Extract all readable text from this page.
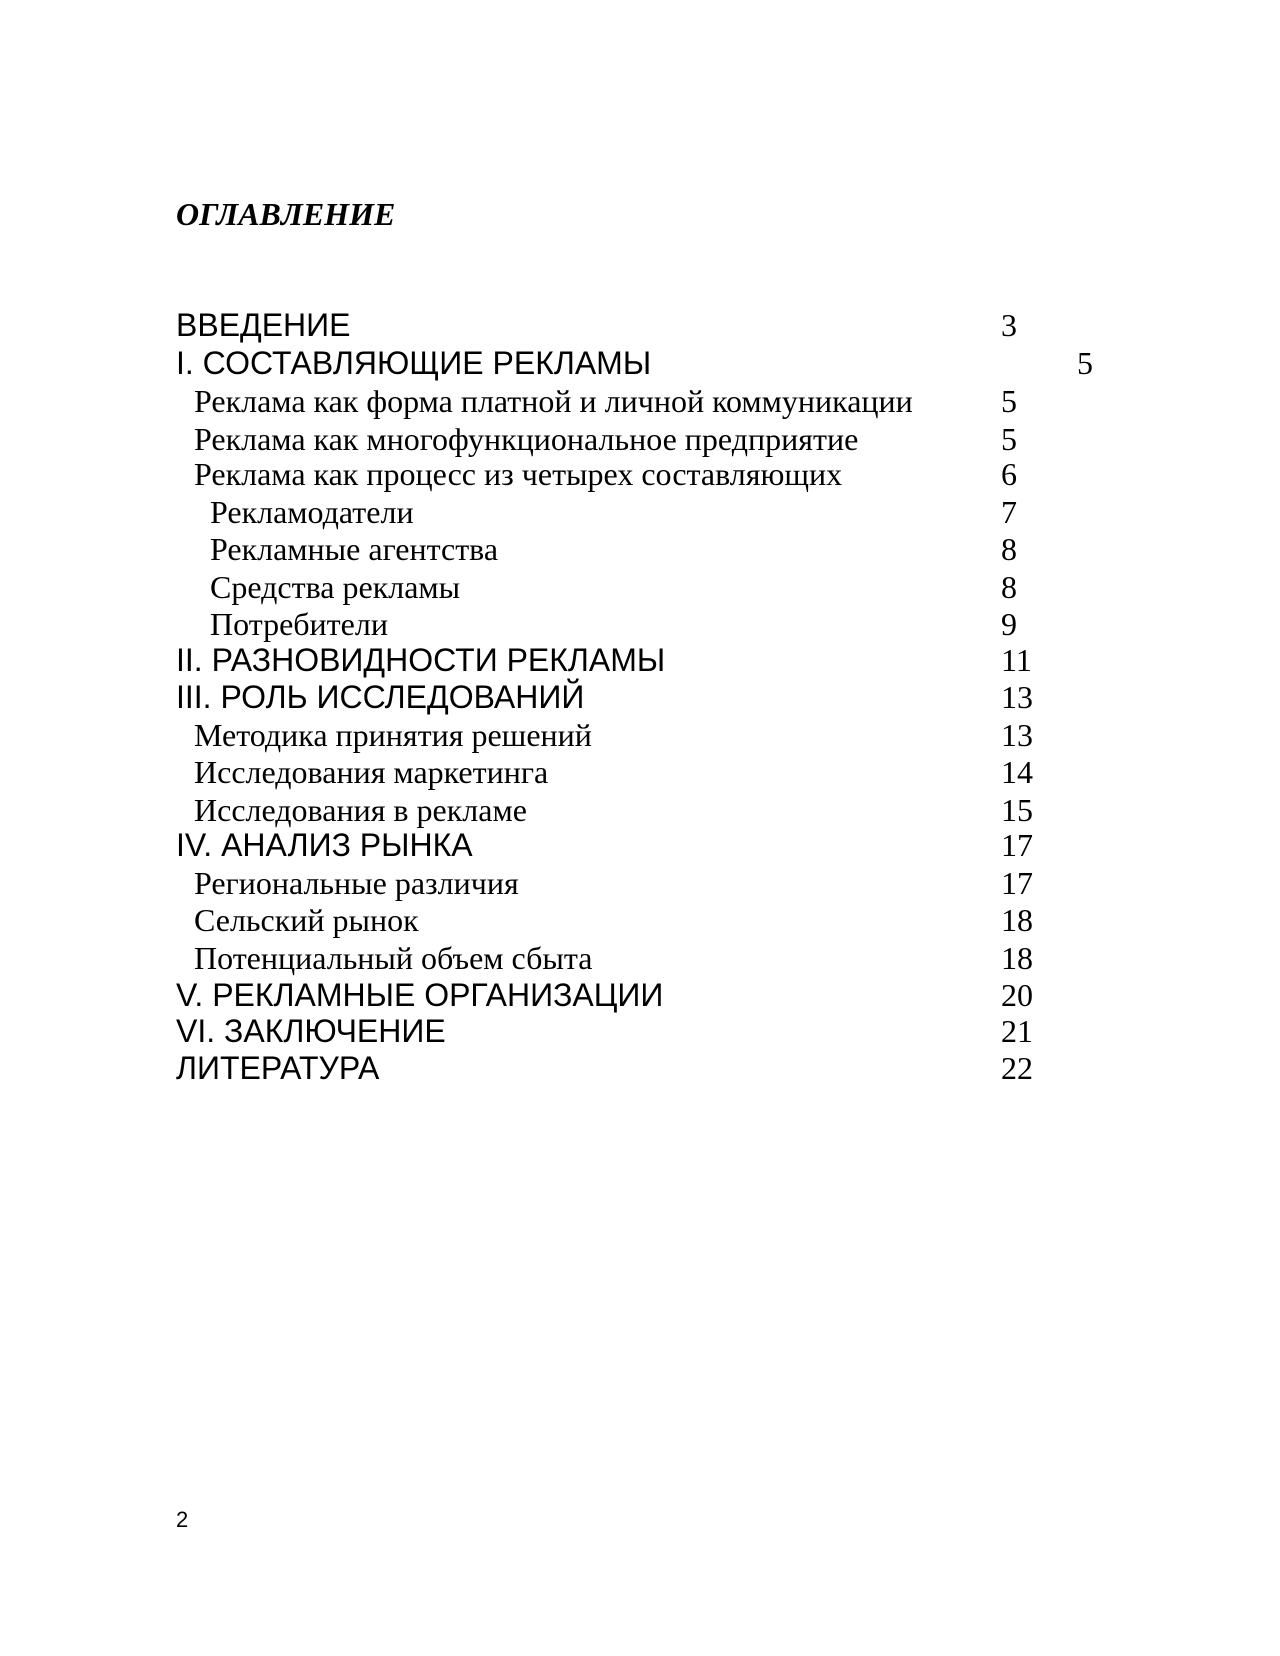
ОГЛАВЛЕНИЕ
ВВЕДЕНИЕ	3
I. СОСТАВЛЯЮЩИЕ РЕКЛАМЫ	5
Реклама как форма платной и личной коммуникации	5
Реклама как многофункциональное предприятие	5
Реклама как процесс из четырех составляющих	6
Рекламодатели	7
Рекламные агентства	8
Средства рекламы	8
Потребители	9
II. РАЗНОВИДНОСТИ РЕКЛАМЫ	11
III. РОЛЬ ИССЛЕДОВАНИЙ	13
Методика принятия решений	13
Исследования маркетинга	14
Исследования в рекламе	15
IV. АНАЛИЗ РЫНКА	17
Региональные различия	17
Сельский рынок	18
Потенциальный объем сбыта	18
V. РЕКЛАМНЫЕ ОРГАНИЗАЦИИ	20
VI. ЗАКЛЮЧЕНИЕ	21
ЛИТЕРАТУРА	22
2
